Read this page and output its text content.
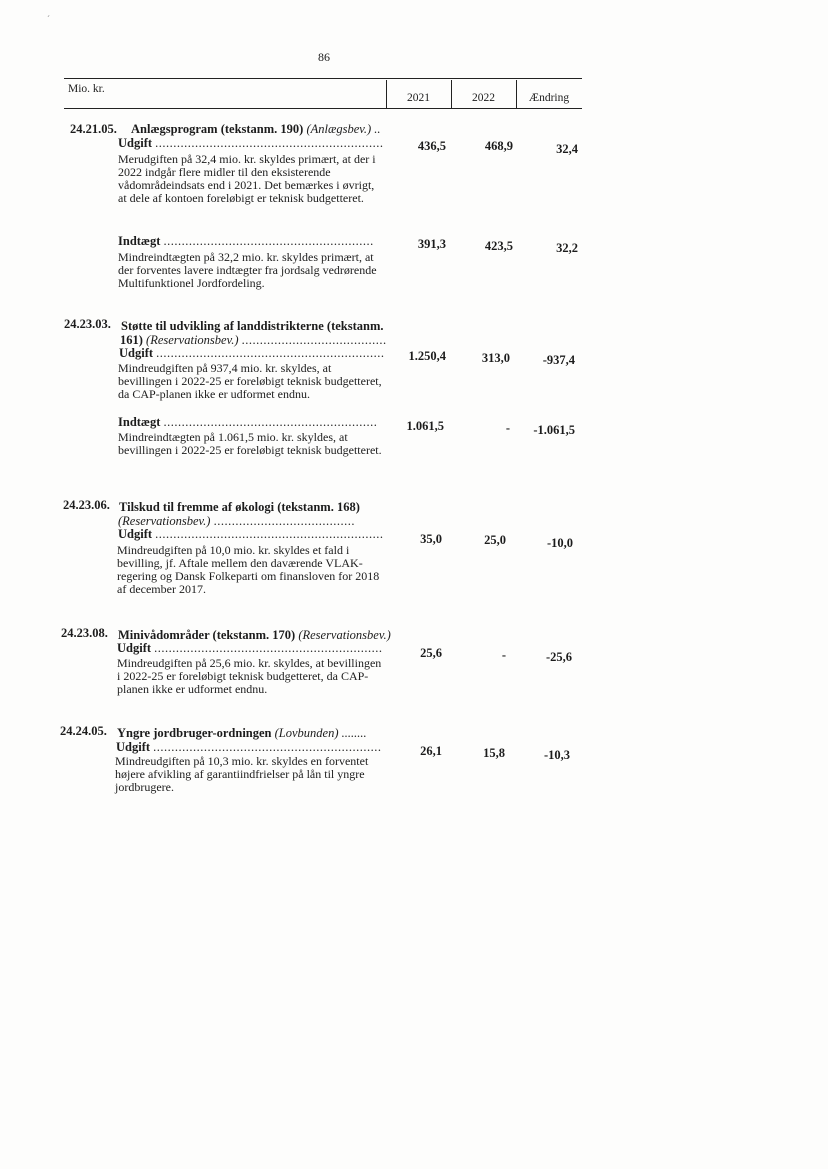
ˊ
86
Mio. kr.
2021	2022	Ændring
24.21.05. Anlægsprogram (tekstanm. 190) (Anlægsbev.) ..
Udgift ...............................................................	436,5	468,9	32,4
Merudgiften på 32,4 mio. kr. skyldes primært, at der i 2022 indgår flere midler til den eksisterende vådområdeindsats end i 2021. Det bemærkes i øvrigt, at dele af kontoen foreløbigt er teknisk budgetteret.
Indtægt ..........................................................	391,3	423,5	32,2
Mindreindtægten på 32,2 mio. kr. skyldes primært, at der forventes lavere indtægter fra jordsalg vedrørende Multifunktionel Jordfordeling.
24.23.03. Støtte til udvikling af landdistrikterne (tekstanm.
161) (Reservationsbev.) ........................................
Udgift ...............................................................	1.250,4	313,0	-937,4
Mindreudgiften på 937,4 mio. kr. skyldes, at bevillingen i 2022-25 er foreløbigt teknisk budgetteret, da CAP-planen ikke er udformet endnu.
Indtægt ...........................................................	1.061,5	-	-1.061,5
Mindreindtægten på 1.061,5 mio. kr. skyldes, at bevillingen i 2022-25 er foreløbigt teknisk budgetteret.
24.23.06. Tilskud til fremme af økologi (tekstanm. 168)
(Reservationsbev.) .......................................
Udgift ...............................................................	35,0	25,0	-10,0
Mindreudgiften på 10,0 mio. kr. skyldes et fald i bevilling, jf. Aftale mellem den daværende VLAK-regering og Dansk Folkeparti om finansloven for 2018 af december 2017.
24.23.08. Minivådområder (tekstanm. 170) (Reservationsbev.)
Udgift ...............................................................	25,6	-	-25,6
Mindreudgiften på 25,6 mio. kr. skyldes, at bevillingen i 2022-25 er foreløbigt teknisk budgetteret, da CAP-planen ikke er udformet endnu.
24.24.05. Yngre jordbruger-ordningen (Lovbunden) ........
Udgift ...............................................................	26,1	15,8	-10,3
Mindreudgiften på 10,3 mio. kr. skyldes en forventet højere afvikling af garantiindfrielser på lån til yngre jordbrugere.
